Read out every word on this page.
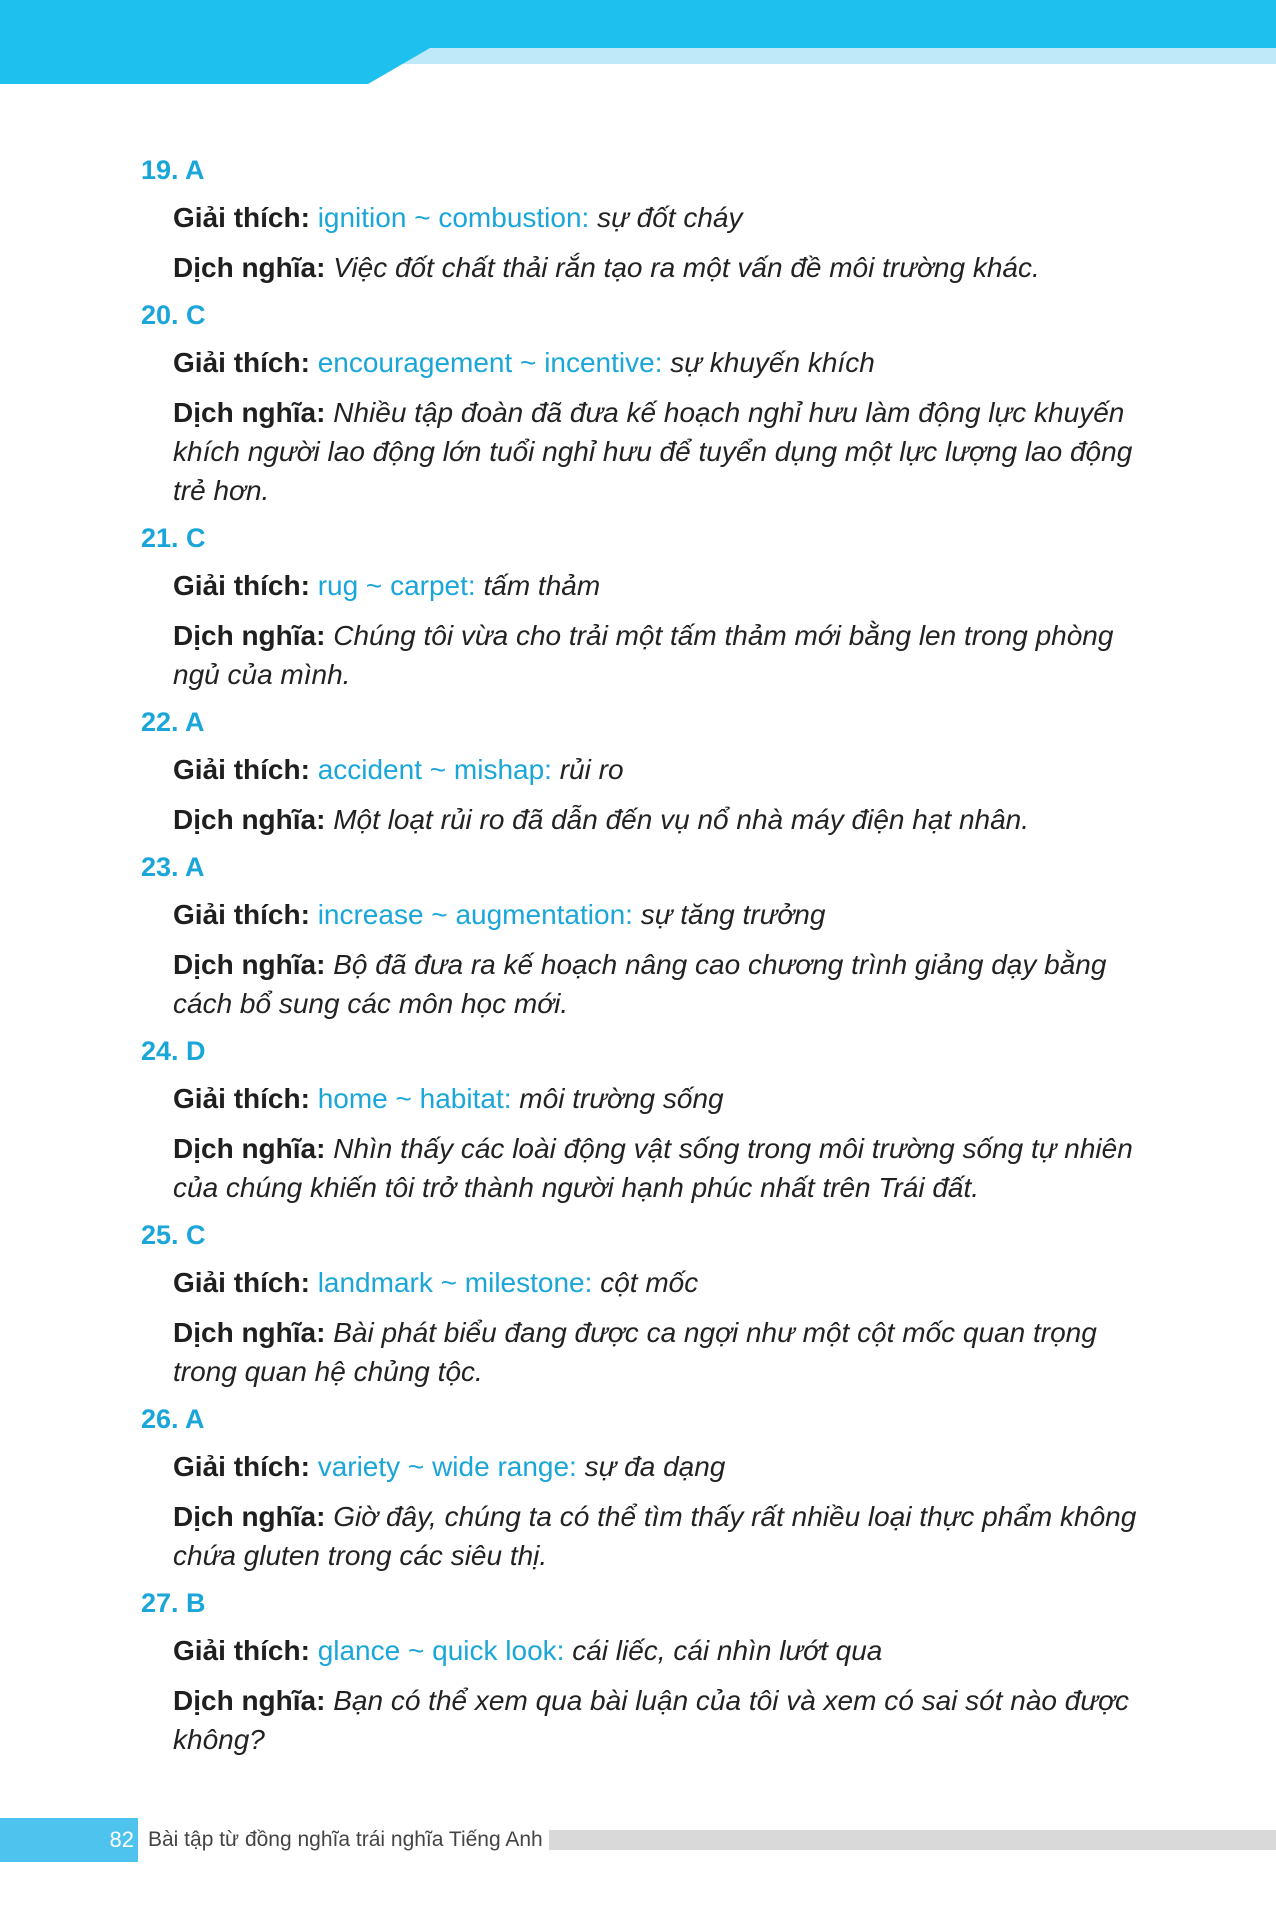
19. A
Giải thích: ignition ~ combustion: sự đốt cháy
Dịch nghĩa: Việc đốt chất thải rắn tạo ra một vấn đề môi trường khác.
20. C
Giải thích: encouragement ~ incentive: sự khuyến khích
Dịch nghĩa: Nhiều tập đoàn đã đưa kế hoạch nghỉ hưu làm động lực khuyến khích người lao động lớn tuổi nghỉ hưu để tuyển dụng một lực lượng lao động trẻ hơn.
21. C
Giải thích: rug ~ carpet: tấm thảm
Dịch nghĩa: Chúng tôi vừa cho trải một tấm thảm mới bằng len trong phòng ngủ của mình.
22. A
Giải thích: accident ~ mishap: rủi ro
Dịch nghĩa: Một loạt rủi ro đã dẫn đến vụ nổ nhà máy điện hạt nhân.
23. A
Giải thích: increase ~ augmentation: sự tăng trưởng
Dịch nghĩa: Bộ đã đưa ra kế hoạch nâng cao chương trình giảng dạy bằng cách bổ sung các môn học mới.
24. D
Giải thích: home ~ habitat: môi trường sống
Dịch nghĩa: Nhìn thấy các loài động vật sống trong môi trường sống tự nhiên của chúng khiến tôi trở thành người hạnh phúc nhất trên Trái đất.
25. C
Giải thích: landmark ~ milestone: cột mốc
Dịch nghĩa: Bài phát biểu đang được ca ngợi như một cột mốc quan trọng trong quan hệ chủng tộc.
26. A
Giải thích: variety ~ wide range: sự đa dạng
Dịch nghĩa: Giờ đây, chúng ta có thể tìm thấy rất nhiều loại thực phẩm không chứa gluten trong các siêu thị.
27. B
Giải thích: glance ~ quick look: cái liếc, cái nhìn lướt qua
Dịch nghĩa: Bạn có thể xem qua bài luận của tôi và xem có sai sót nào được không?
82 Bài tập từ đồng nghĩa trái nghĩa Tiếng Anh
